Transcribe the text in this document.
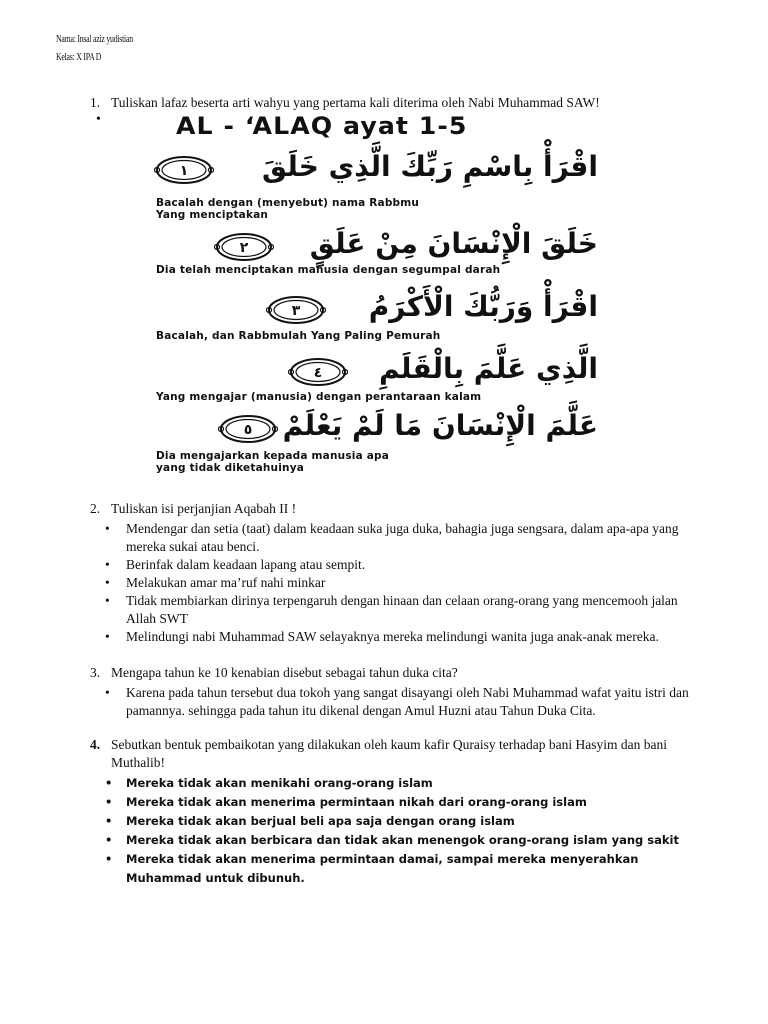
Nama: Insal aziz yudistian
Kelas: X IPA D
1. Tuliskan lafaz beserta arti wahyu yang pertama kali diterima oleh Nabi Muhammad SAW!
•	AL - ‘ALAQ ayat 1-5
اقْرَأْ بِاسْمِ رَبِّكَ الَّذِي خَلَقَ
١
Bacalah dengan (menyebut) nama Rabbmu
Yang menciptakan
خَلَقَ الْإِنْسَانَ مِنْ عَلَقٍ
٢
Dia telah menciptakan manusia dengan segumpal darah
اقْرَأْ وَرَبُّكَ الْأَكْرَمُ
٣
Bacalah, dan Rabbmulah Yang Paling Pemurah
الَّذِي عَلَّمَ بِالْقَلَمِ
٤
Yang mengajar (manusia) dengan perantaraan kalam
عَلَّمَ الْإِنْسَانَ مَا لَمْ يَعْلَمْ
٥
Dia mengajarkan kepada manusia apa
yang tidak diketahuinya
2. Tuliskan isi perjanjian Aqabah II !
• Mendengar dan setia (taat) dalam keadaan suka juga duka, bahagia juga sengsara, dalam apa-apa yang mereka sukai atau benci.
• Berinfak dalam keadaan lapang atau sempit.
• Melakukan amar ma’ruf nahi minkar
• Tidak membiarkan dirinya terpengaruh dengan hinaan dan celaan orang-orang yang mencemooh jalan Allah SWT
• Melindungi nabi Muhammad SAW selayaknya mereka melindungi wanita juga anak-anak mereka.
3. Mengapa tahun ke 10 kenabian disebut sebagai tahun duka cita?
• Karena pada tahun tersebut dua tokoh yang sangat disayangi oleh Nabi Muhammad wafat yaitu istri dan pamannya. sehingga pada tahun itu dikenal dengan Amul Huzni atau Tahun Duka Cita.
4. Sebutkan bentuk pembaikotan yang dilakukan oleh kaum kafir Quraisy terhadap bani Hasyim dan bani Muthalib!
• Mereka tidak akan menikahi orang-orang islam
• Mereka tidak akan menerima permintaan nikah dari orang-orang islam
• Mereka tidak akan berjual beli apa saja dengan orang islam
• Mereka tidak akan berbicara dan tidak akan menengok orang-orang islam yang sakit
• Mereka tidak akan menerima permintaan damai, sampai mereka menyerahkan Muhammad untuk dibunuh.
